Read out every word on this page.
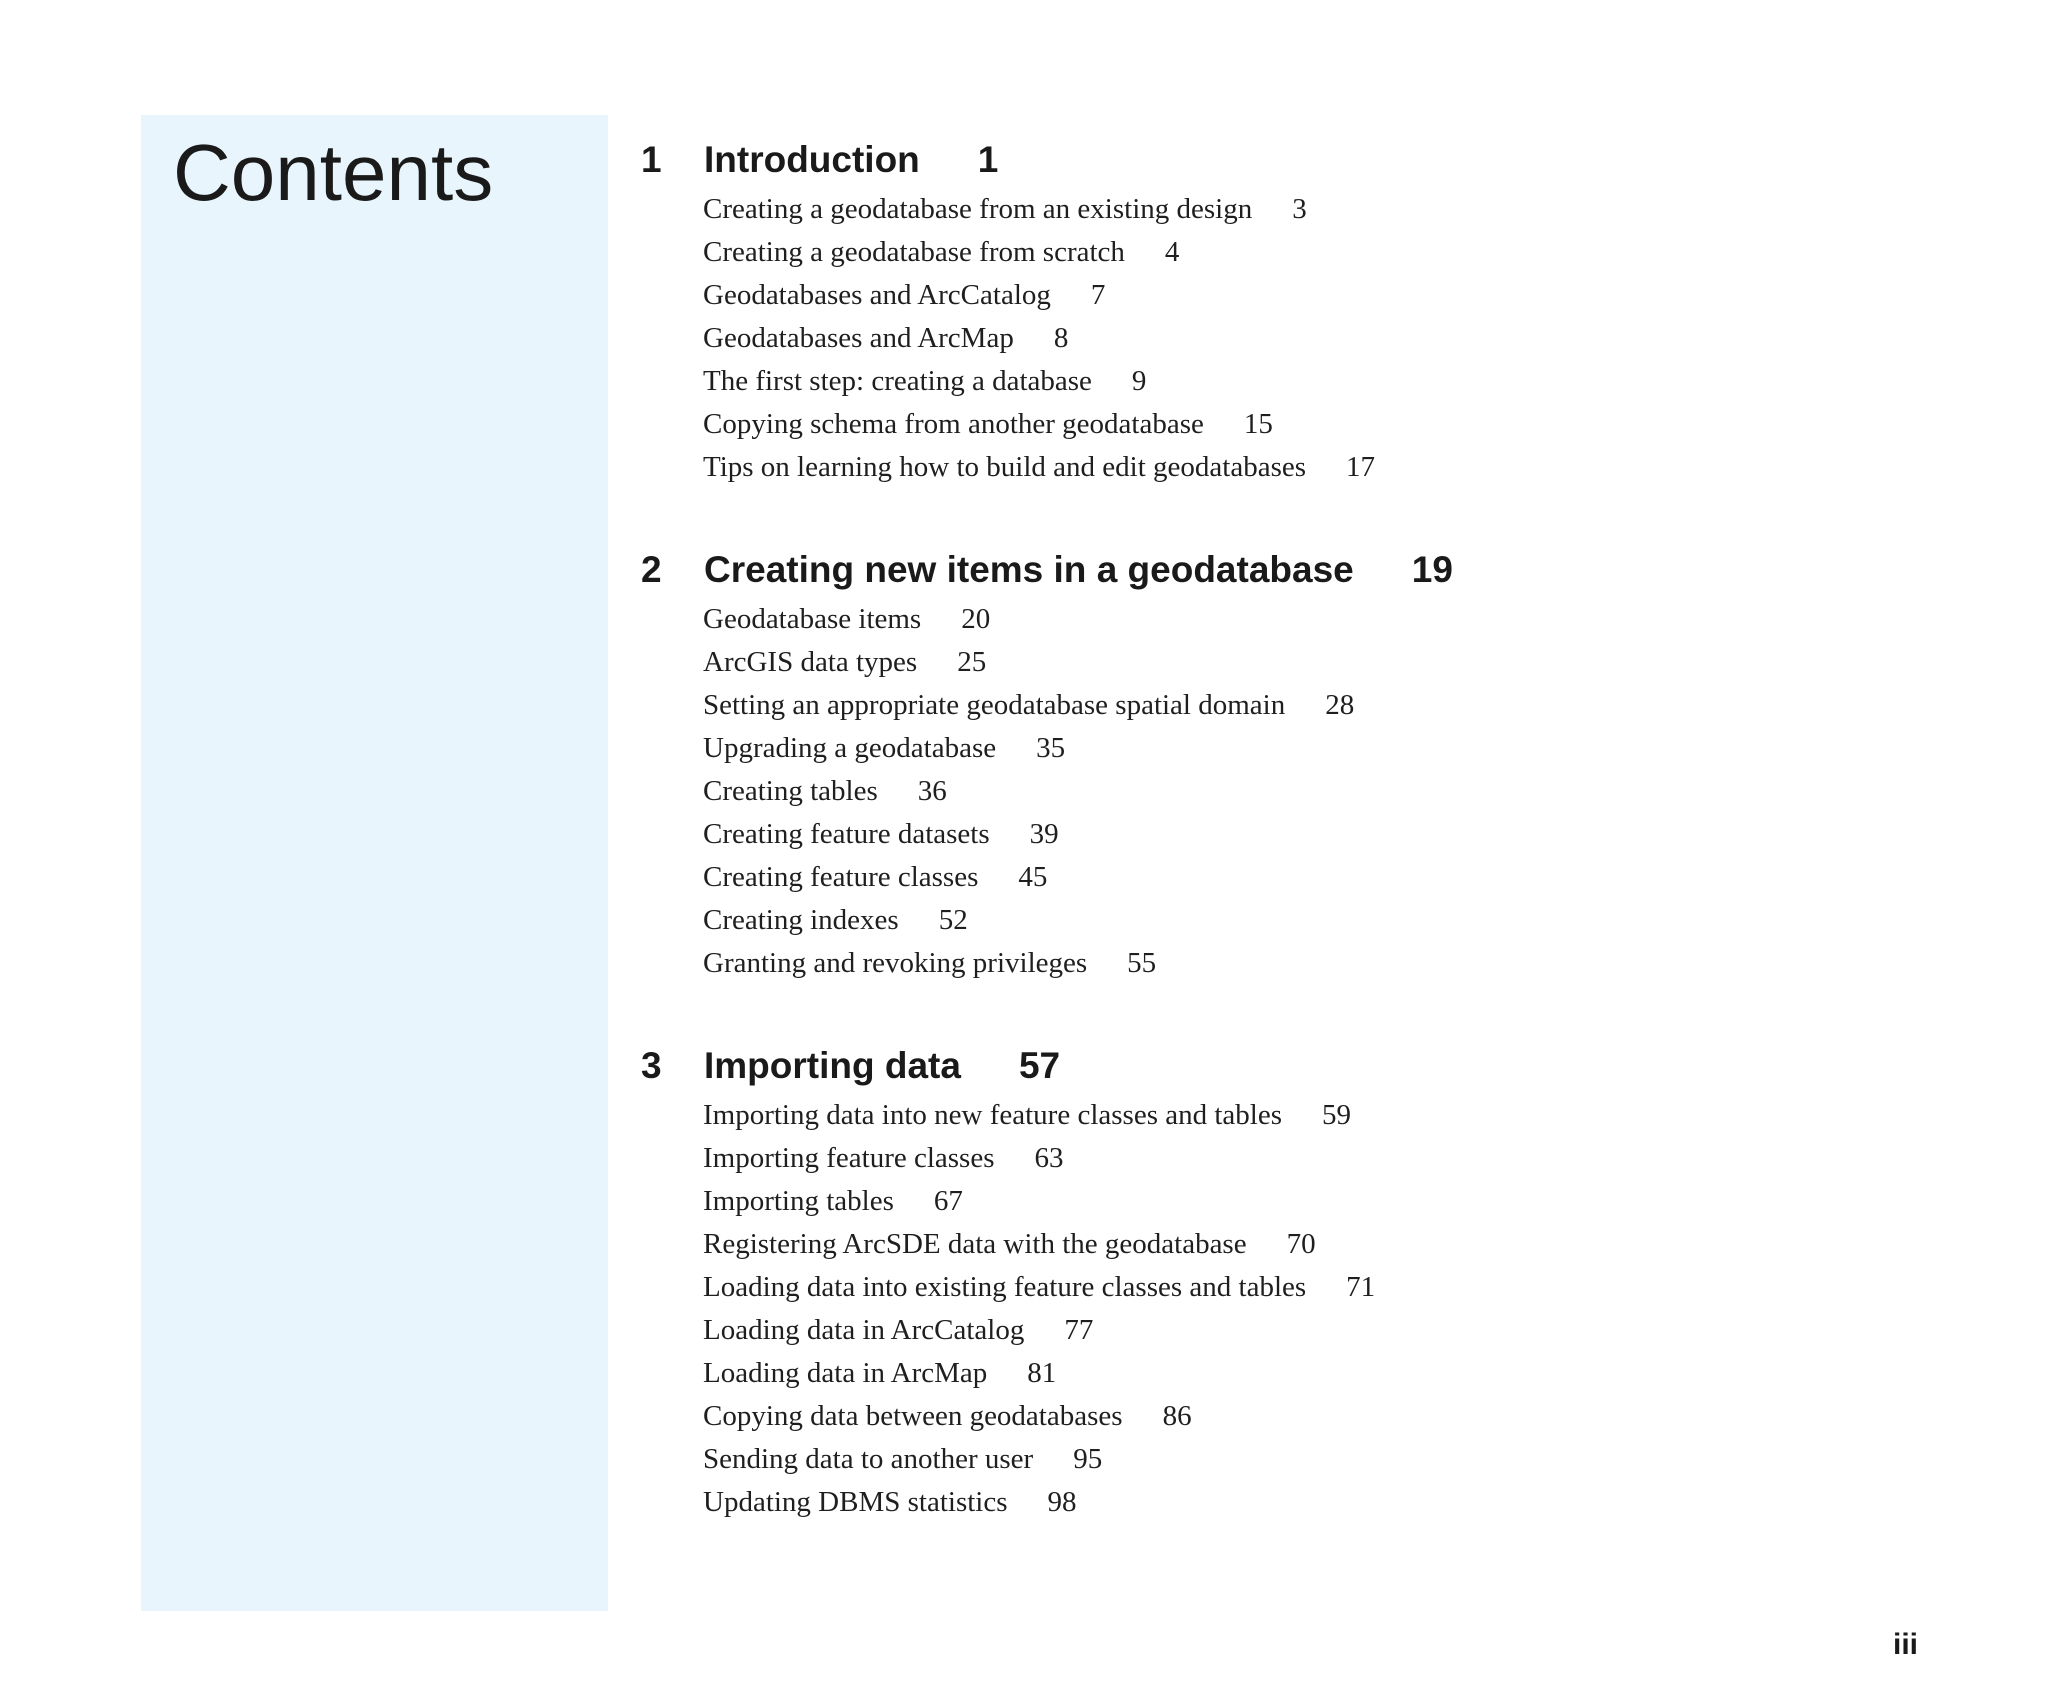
Contents	1	Introduction 1
Creating a geodatabase from an existing design 3
Creating a geodatabase from scratch 4
Geodatabases and ArcCatalog 7
Geodatabases and ArcMap 8
The first step: creating a database 9
Copying schema from another geodatabase 15
Tips on learning how to build and edit geodatabases 17
2	Creating new items in a geodatabase 19
Geodatabase items 20
ArcGIS data types 25
Setting an appropriate geodatabase spatial domain 28
Upgrading a geodatabase 35
Creating tables 36
Creating feature datasets 39
Creating feature classes 45
Creating indexes 52
Granting and revoking privileges 55
3	Importing data 57
Importing data into new feature classes and tables 59
Importing feature classes 63
Importing tables 67
Registering ArcSDE data with the geodatabase 70
Loading data into existing feature classes and tables 71
Loading data in ArcCatalog 77
Loading data in ArcMap 81
Copying data between geodatabases 86
Sending data to another user 95
Updating DBMS statistics 98
iii
